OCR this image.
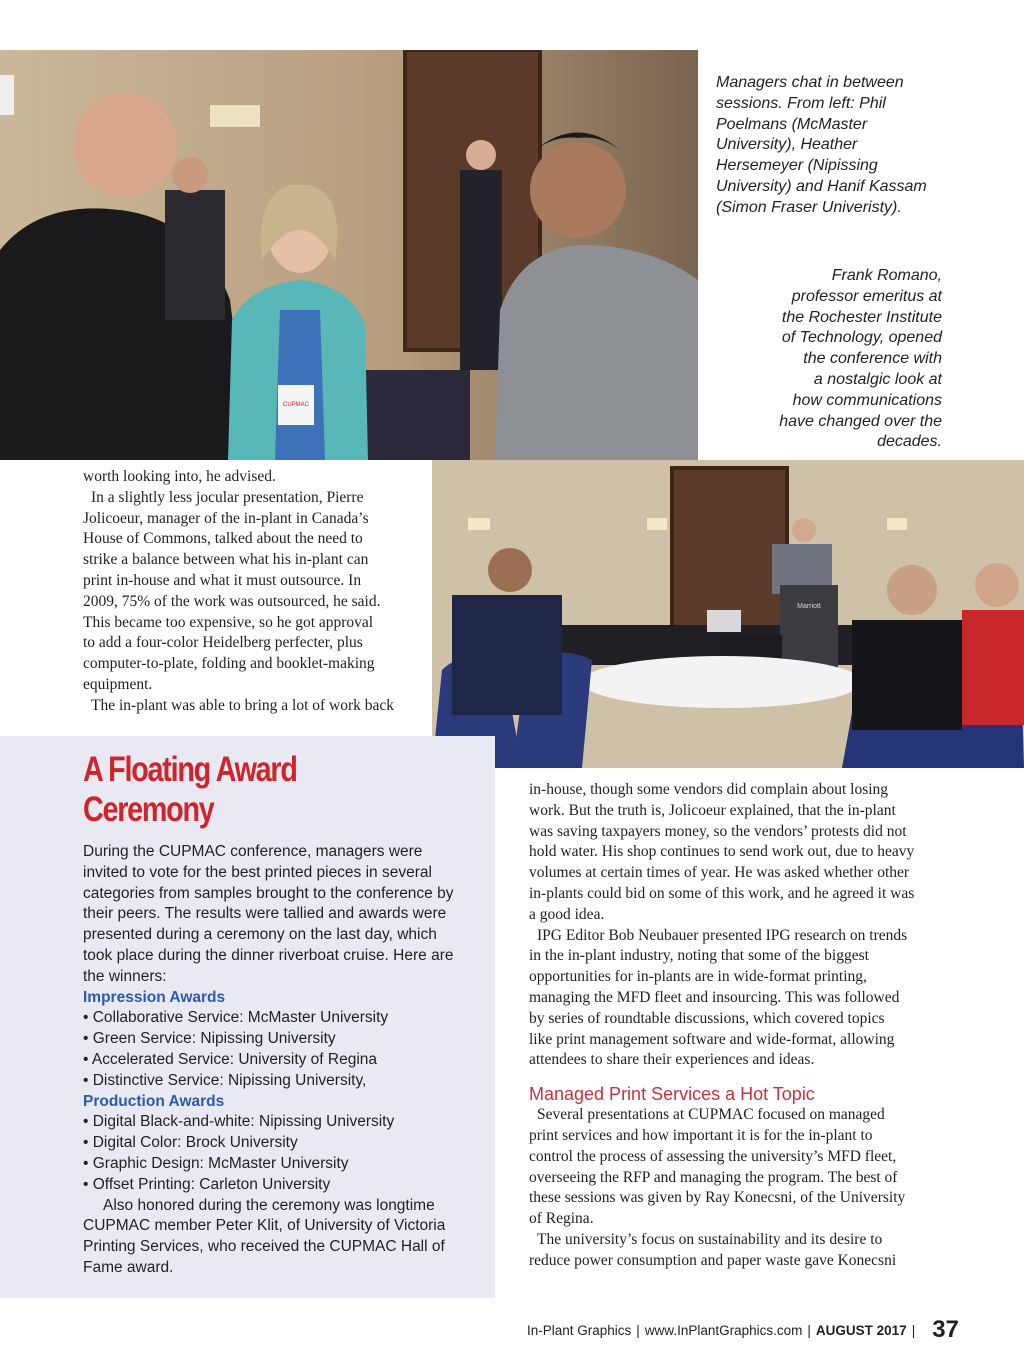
CUPMAC
Managers chat in between
sessions. From left: Phil
Poelmans (McMaster
University), Heather
Hersemeyer (Nipissing
University) and Hanif Kassam
(Simon Fraser Univeristy).
Frank Romano,
professor emeritus at
the Rochester Institute
of Technology, opened
the conference with
a nostalgic look at
how communications
have changed over the
decades.
Marriott

worth looking into, he advised.

In a slightly less jocular presentation, Pierre

Jolicoeur, manager of the in-plant in Canada’s

House of Commons, talked about the need to

strike a balance between what his in-plant can

print in-house and what it must outsource. In

2009, 75% of the work was outsourced, he said.

This became too expensive, so he got approval

to add a four-color Heidelberg perfecter, plus

computer-to-plate, folding and booklet-making

equipment.

The in-plant was able to bring a lot of work back

A Floating Award Ceremony
During the CUPMAC conference, managers were
invited to vote for the best printed pieces in several
categories from samples brought to the conference by
their peers. The results were tallied and awards were
presented during a ceremony on the last day, which
took place during the dinner riverboat cruise. Here are
the winners:
Impression Awards
• Collaborative Service: McMaster University
• Green Service: Nipissing University
• Accelerated Service: University of Regina
• Distinctive Service: Nipissing University,
Production Awards
• Digital Black-and-white: Nipissing University
• Digital Color: Brock University
• Graphic Design: McMaster University
• Offset Printing: Carleton University
Also honored during the ceremony was longtime
CUPMAC member Peter Klit, of University of Victoria
Printing Services, who received the CUPMAC Hall of
Fame award.

in-house, though some vendors did complain about losing

work. But the truth is, Jolicoeur explained, that the in-plant

was saving taxpayers money, so the vendors’ protests did not

hold water. His shop continues to send work out, due to heavy

volumes at certain times of year. He was asked whether other

in-plants could bid on some of this work, and he agreed it was

a good idea.

IPG Editor Bob Neubauer presented IPG research on trends

in the in-plant industry, noting that some of the biggest

opportunities for in-plants are in wide-format printing,

managing the MFD fleet and insourcing. This was followed

by series of roundtable discussions, which covered topics

like print management software and wide-format, allowing

attendees to share their experiences and ideas.

Managed Print Services a Hot Topic

Several presentations at CUPMAC focused on managed

print services and how important it is for the in-plant to

control the process of assessing the university’s MFD fleet,

overseeing the RFP and managing the program. The best of

these sessions was given by Ray Konecsni, of the University

of Regina.

The university’s focus on sustainability and its desire to

reduce power consumption and paper waste gave Konecsni

In-Plant Graphics | www.InPlantGraphics.com | AUGUST 2017 | 37
